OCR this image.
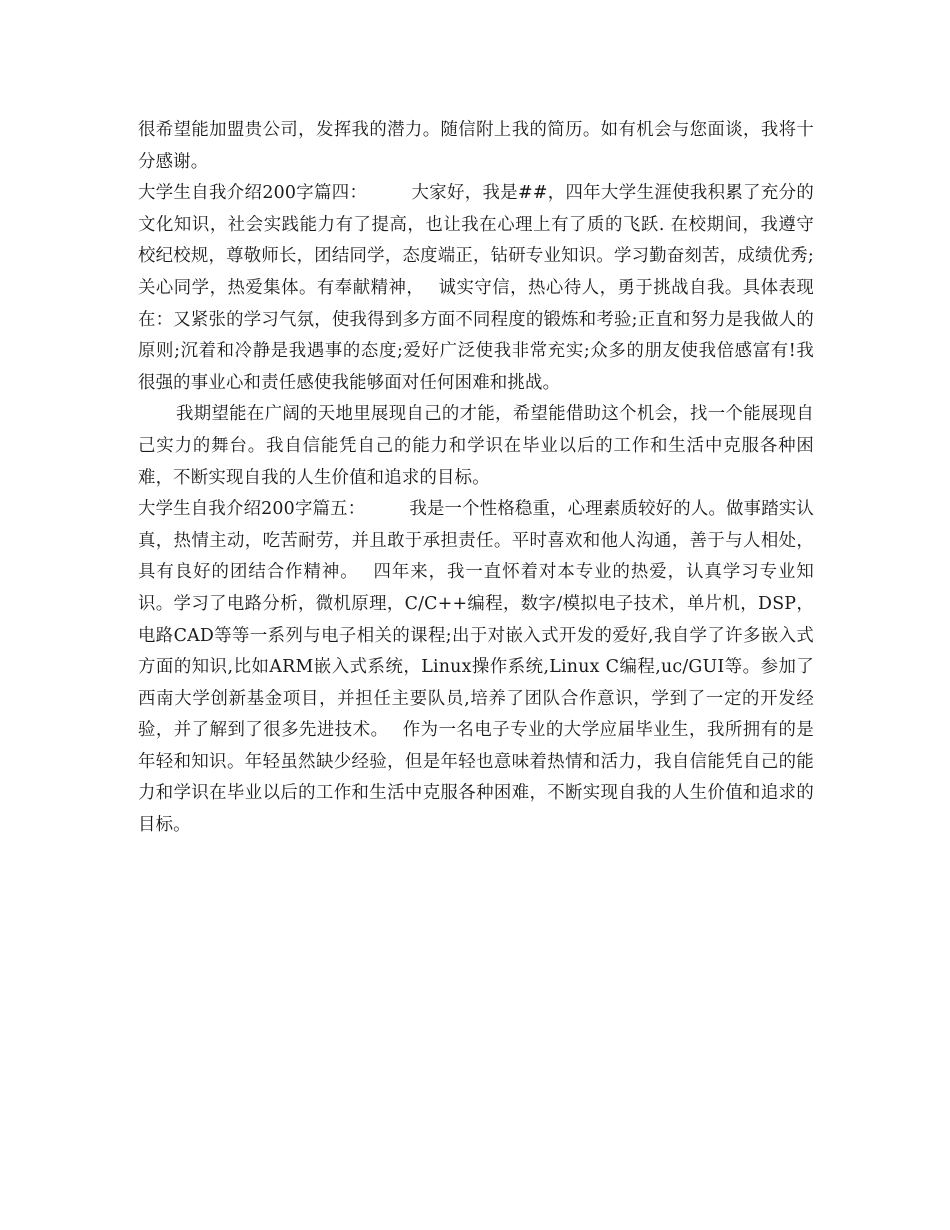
很希望能加盟贵公司，发挥我的潜力。随信附上我的简历。如有机会与您面谈，我将十分感谢。

大学生自我介绍200字篇四：	大家好，我是##，四年大学生涯使我积累了充分的文化知识，社会实践能力有了提高，也让我在心理上有了质的飞跃. 在校期间，我遵守校纪校规，尊敬师长，团结同学，态度端正，钻研专业知识。学习勤奋刻苦，成绩优秀;关心同学，热爱集体。有奉献精神， 诚实守信，热心待人，勇于挑战自我。具体表现在：又紧张的学习气氛，使我得到多方面不同程度的锻炼和考验;正直和努力是我做人的原则;沉着和冷静是我遇事的态度;爱好广泛使我非常充实;众多的朋友使我倍感富有!我很强的事业心和责任感使我能够面对任何困难和挑战。

我期望能在广阔的天地里展现自己的才能，希望能借助这个机会，找一个能展现自己实力的舞台。我自信能凭自己的能力和学识在毕业以后的工作和生活中克服各种困难，不断实现自我的人生价值和追求的目标。

大学生自我介绍200字篇五：	我是一个性格稳重，心理素质较好的人。做事踏实认真，热情主动，吃苦耐劳，并且敢于承担责任。平时喜欢和他人沟通，善于与人相处，具有良好的团结合作精神。 四年来，我一直怀着对本专业的热爱，认真学习专业知识。学习了电路分析，微机原理，C/C++编程，数字/模拟电子技术，单片机，DSP，电路CAD等等一系列与电子相关的课程;出于对嵌入式开发的爱好,我自学了许多嵌入式方面的知识,比如ARM嵌入式系统，Linux操作系统,Linux C编程,uc/GUI等。参加了西南大学创新基金项目，并担任主要队员,培养了团队合作意识，学到了一定的开发经验，并了解到了很多先进技术。 作为一名电子专业的大学应届毕业生，我所拥有的是年轻和知识。年轻虽然缺少经验，但是年轻也意味着热情和活力，我自信能凭自己的能力和学识在毕业以后的工作和生活中克服各种困难，不断实现自我的人生价值和追求的目标。
